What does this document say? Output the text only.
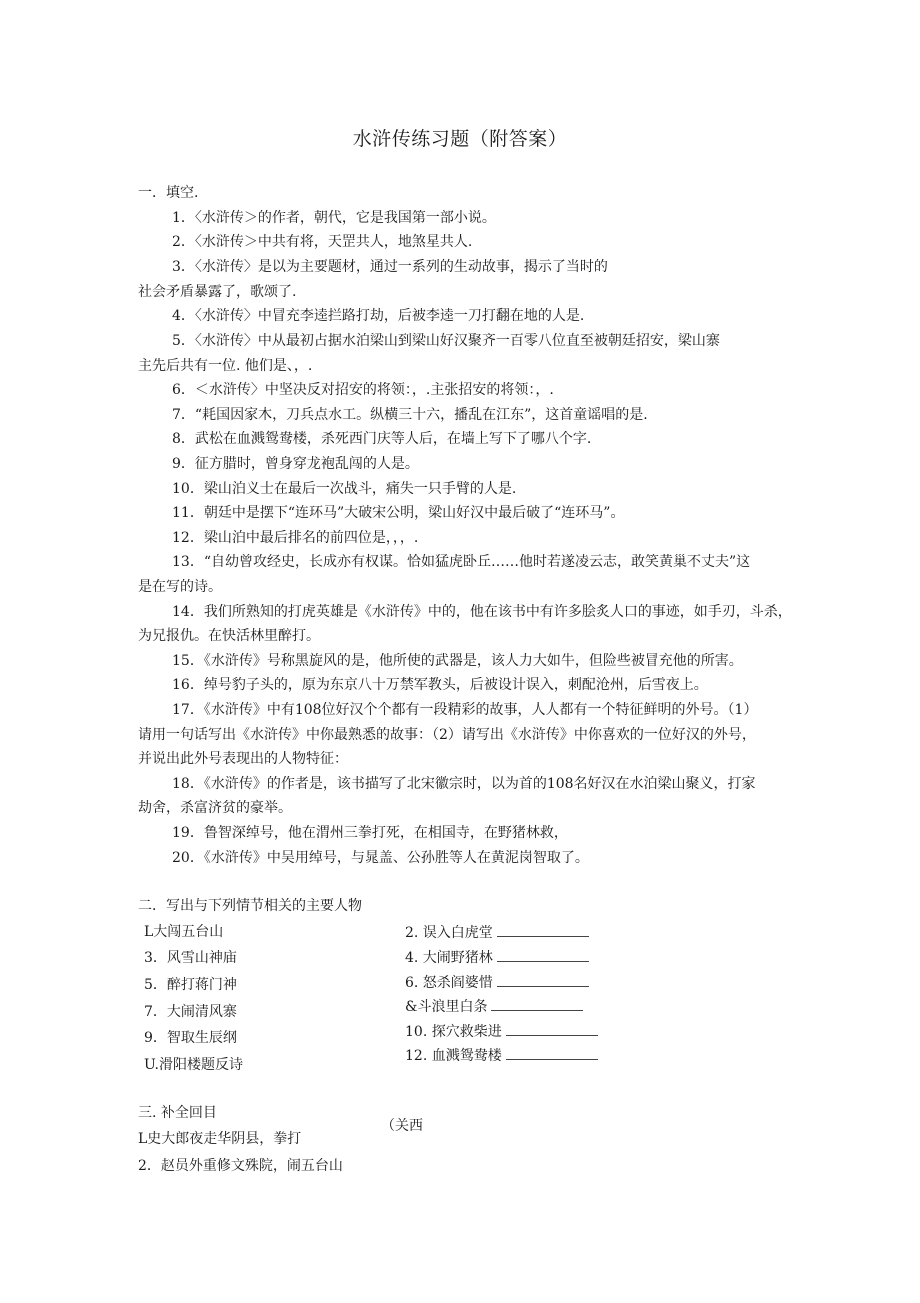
水浒传练习题（附答案）
一．填空.
1．〈水浒传＞的作者，朝代，它是我国第一部小说。
2．〈水浒传＞中共有将，天罡共人，地煞星共人.
3．〈水浒传〉是以为主要题材，通过一系列的生动故事，揭示了当时的
社会矛盾暴露了，歌颂了.
4．〈水浒传〉中冒充李逵拦路打劫，后被李逵一刀打翻在地的人是.
5．〈水浒传〉中从最初占据水泊梁山到梁山好汉聚齐一百零八位直至被朝廷招安，梁山寨
主先后共有一位. 他们是、，.
6．＜水浒传〉中坚决反对招安的将领：，.主张招安的将领：，.
7．“耗国因家木，刀兵点水工。纵横三十六，播乱在江东”，这首童谣唱的是.
8．武松在血溅鸳鸯楼，杀死西门庆等人后，在墙上写下了哪八个字.
9．征方腊时，曾身穿龙袍乱闯的人是。
10．梁山泊义士在最后一次战斗，痛失一只手臂的人是.
11．朝廷中是摆下“连环马”大破宋公明，梁山好汉中最后破了“连环马”。
12．梁山泊中最后排名的前四位是，，，.
13．“自幼曾攻经史，长成亦有权谋。恰如猛虎卧丘……他时若遂凌云志，敢笑黄巢不丈夫”这
是在写的诗。
14．我们所熟知的打虎英雄是《水浒传》中的，他在该书中有许多脍炙人口的事迹，如手刃，斗杀，
为兄报仇。在快活林里醉打。
15．《水浒传》号称黑旋风的是，他所使的武器是，该人力大如牛，但险些被冒充他的所害。
16．绰号豹子头的，原为东京八十万禁军教头，后被设计误入，刺配沧州，后雪夜上。
17．《水浒传》中有108位好汉个个都有一段精彩的故事，人人都有一个特征鲜明的外号。（1）
请用一句话写出《水浒传》中你最熟悉的故事：（2）请写出《水浒传》中你喜欢的一位好汉的外号，
并说出此外号表现出的人物特征：
18．《水浒传》的作者是，该书描写了北宋徽宗时，以为首的108名好汉在水泊梁山聚义，打家
劫舍，杀富济贫的豪举。
19．鲁智深绰号，他在渭州三拳打死，在相国寺，在野猪林救，
20．《水浒传》中吴用绰号，与晁盖、公孙胜等人在黄泥岗智取了。
二．写出与下列情节相关的主要人物
L大闯五台山
3．风雪山神庙
5．醉打蒋门神
7．大闹清风寨
9．智取生辰纲
U.滑阳楼题反诗
2. 误入白虎堂
4. 大闹野猪林
6. 怒杀阎婆惜
&斗浪里白条
10. 探穴救柴进
12. 血溅鸳鸯楼
三. 补全回目
（关西
L史大郎夜走华阴县，拳打
2．赵员外重修文殊院，闹五台山
